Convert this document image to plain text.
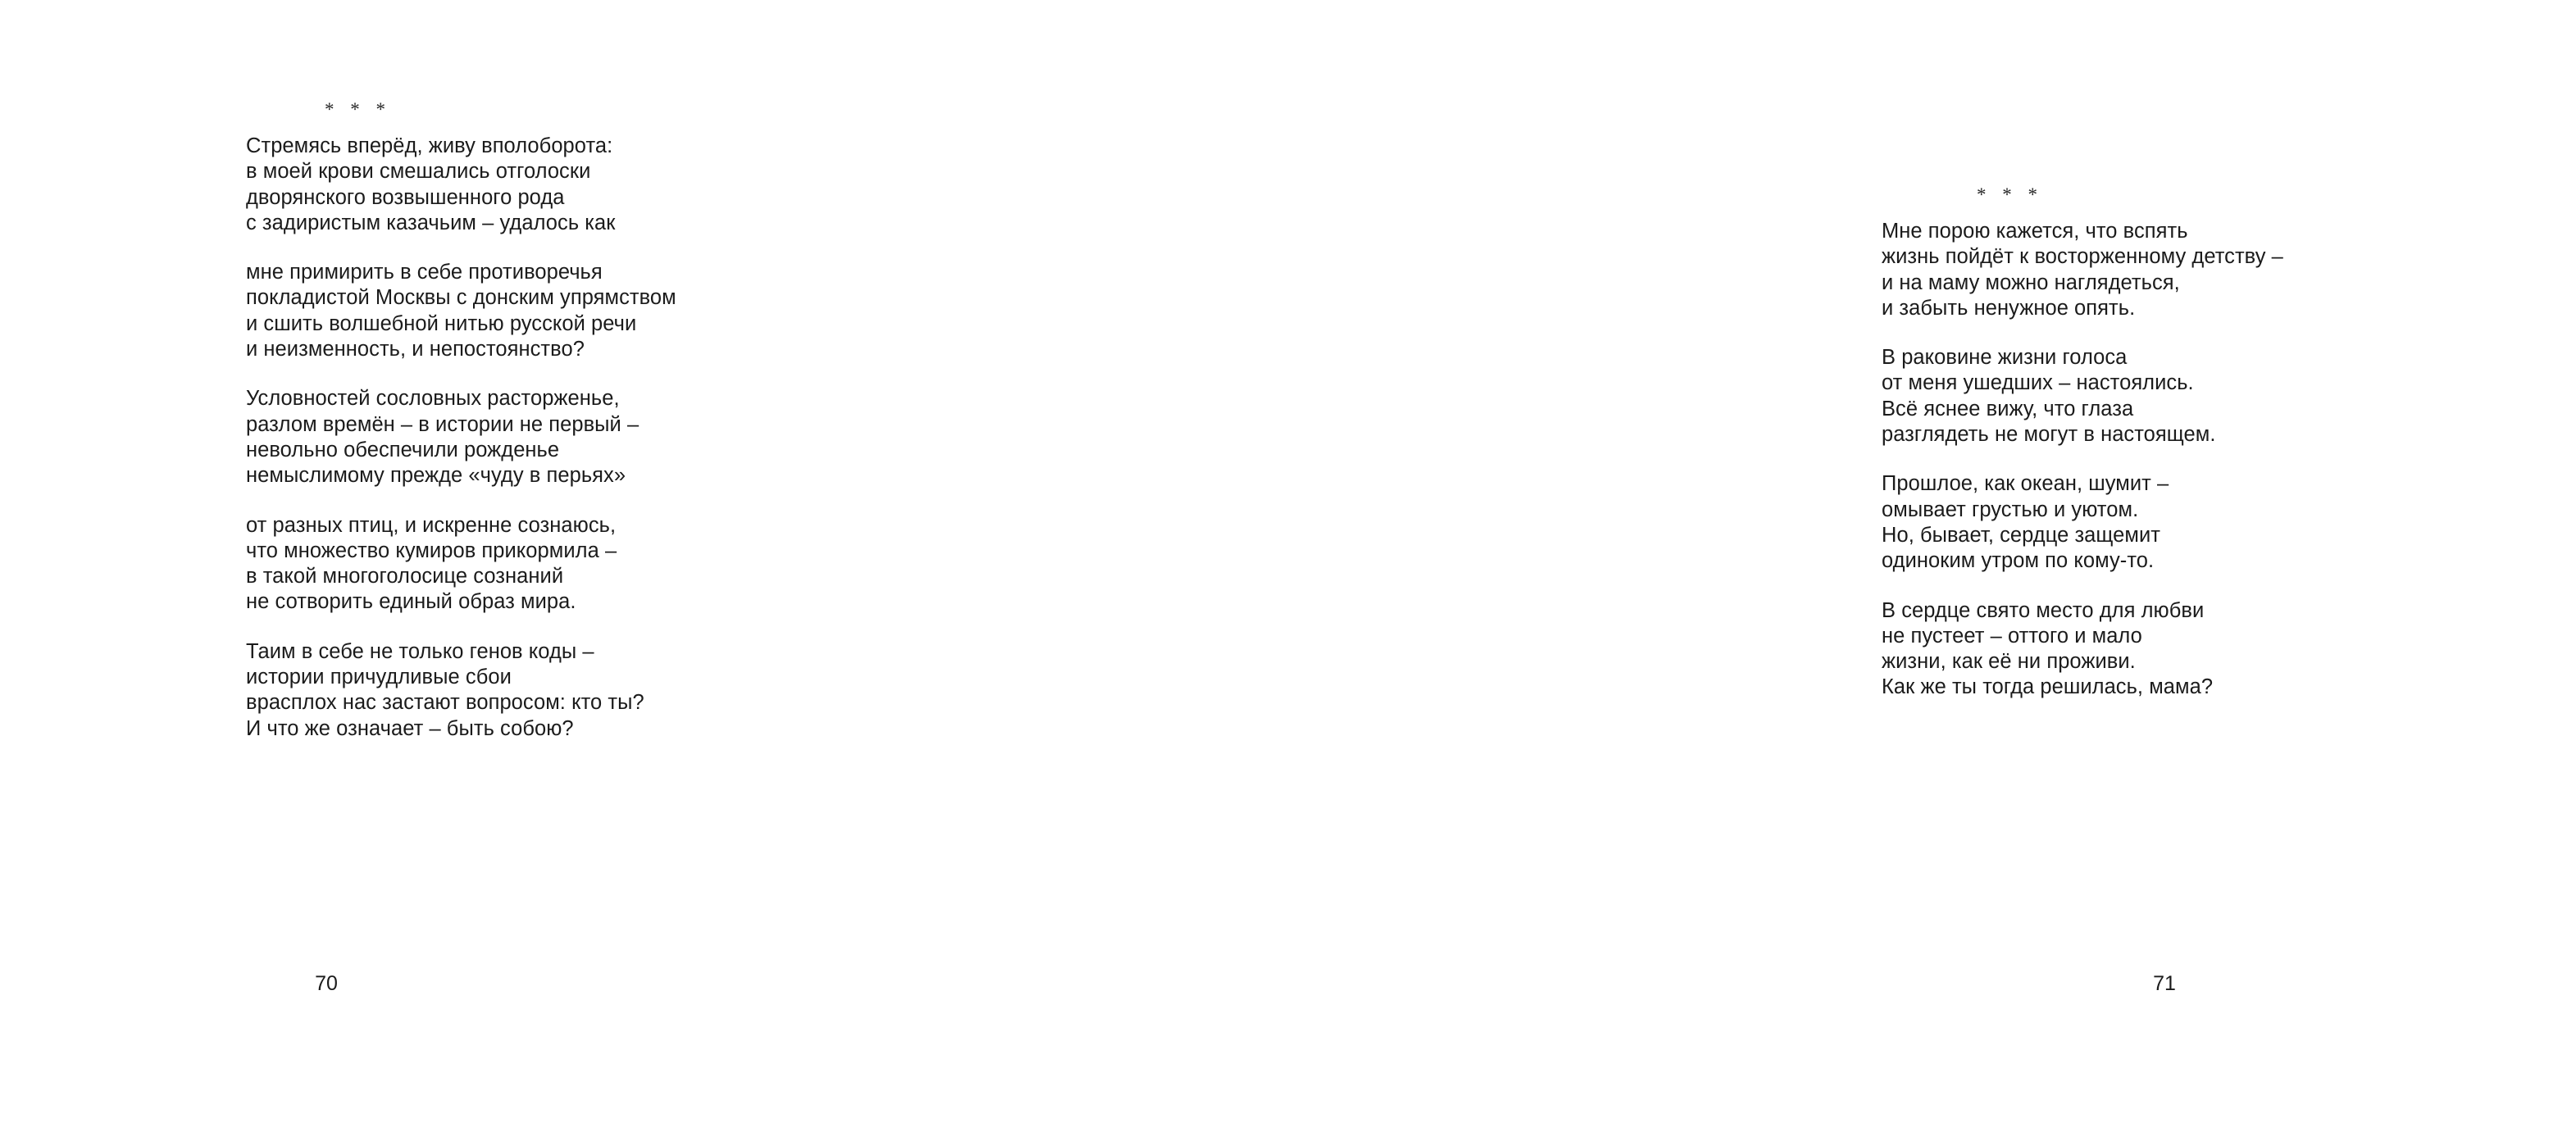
* * *
Стремясь вперёд, живу вполоборота:
в моей крови смешались отголоски
дворянского возвышенного рода
с задиристым казачьим – удалось как
мне примирить в себе противоречья
покладистой Москвы с донским упрямством
и сшить волшебной нитью русской речи
и неизменность, и непостоянство?
Условностей сословных расторженье,
разлом времён – в истории не первый –
невольно обеспечили рожденье
немыслимому прежде «чуду в перьях»
от разных птиц, и искренне сознаюсь,
что множество кумиров прикормила –
в такой многоголосице сознаний
не сотворить единый образ мира.
Таим в себе не только генов коды –
истории причудливые сбои
врасплох нас застают вопросом: кто ты?
И что же означает – быть собою?
70
* * *
Мне порою кажется, что вспять
жизнь пойдёт к восторженному детству –
и на маму можно наглядеться,
и забыть ненужное опять.
В раковине жизни голоса
от меня ушедших – настоялись.
Всё яснее вижу, что глаза
разглядеть не могут в настоящем.
Прошлое, как океан, шумит –
омывает грустью и уютом.
Но, бывает, сердце защемит
одиноким утром по кому-то.
В сердце свято место для любви
не пустеет – оттого и мало
жизни, как её ни проживи.
Как же ты тогда решилась, мама?
71
